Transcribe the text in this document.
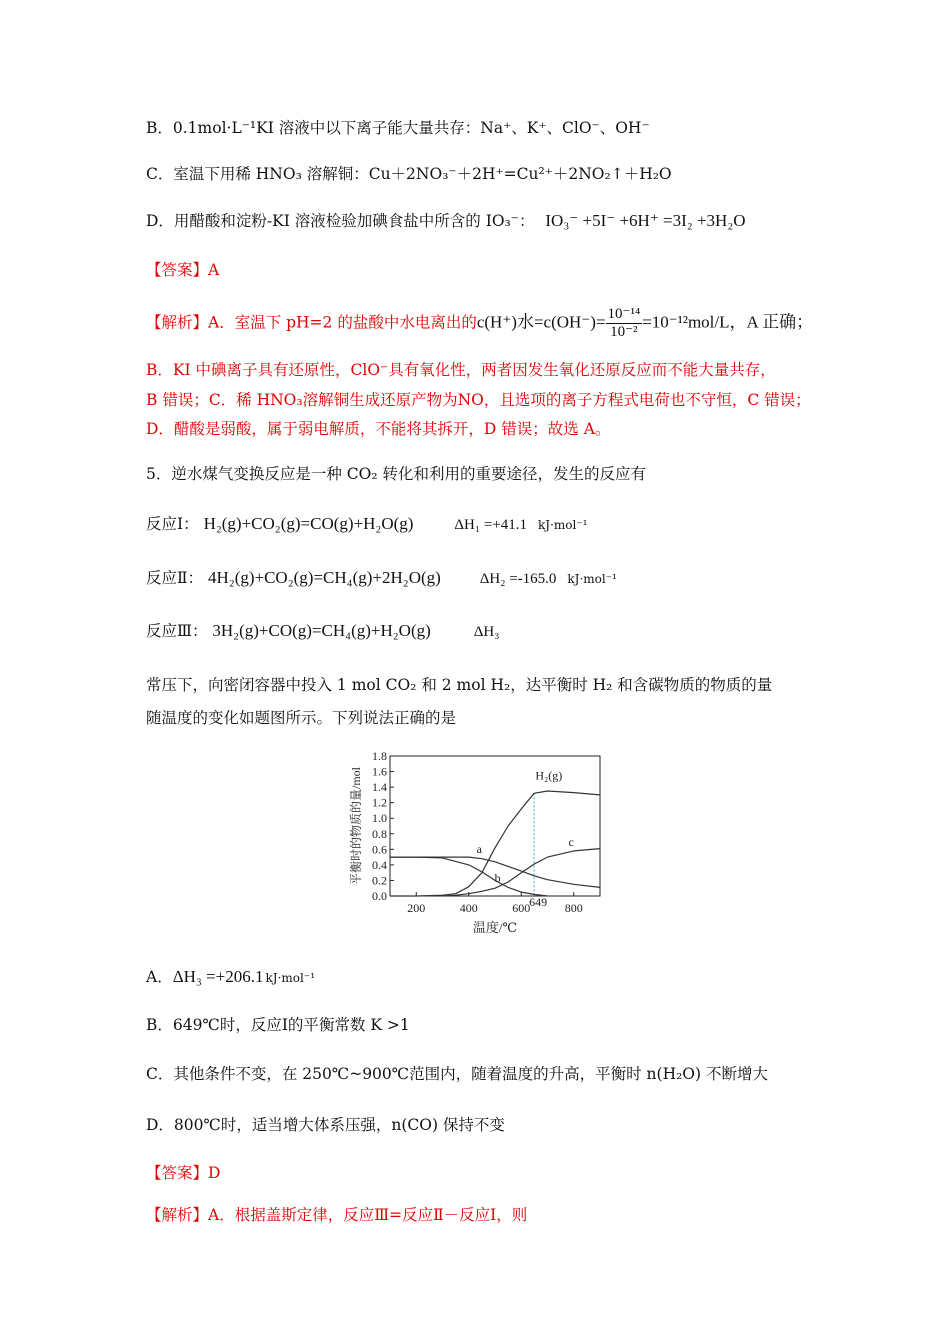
B．0.1mol·L⁻¹KI 溶液中以下离子能大量共存：Na⁺、K⁺、ClO⁻、OH⁻
C．室温下用稀 HNO₃ 溶解铜：Cu＋2NO₃⁻＋2H⁺=Cu²⁺＋2NO₂↑＋H₂O
D．用醋酸和淀粉-KI 溶液检验加碘食盐中所含的 IO₃⁻： IO₃⁻ +5I⁻ +6H⁺ =3I₂ +3H₂O
【答案】A
【解析】A．室温下 pH=2 的盐酸中水电离出的c(H⁺)水$=c(OH^-)= \frac{\text{10⁻¹⁴}}{\text{10⁻²}} =10^{-12}mol/L$，A 正确；
B．KI 中碘离子具有还原性，ClO⁻具有氧化性，两者因发生氧化还原反应而不能大量共存，
B 错误；C．稀 HNO₃溶解铜生成还原产物为NO，且选项的离子方程式电荷也不守恒，C 错误；
D．醋酸是弱酸，属于弱电解质，不能将其拆开，D 错误；故选 A。
5．逆水煤气变换反应是一种 CO₂ 转化和利用的重要途径，发生的反应有
反应Ⅰ： H₂(g)+CO₂(g)=CO(g)+H₂O(g)	ΔH₁ =+41.1 kJ·mol⁻¹
反应Ⅱ： 4H₂(g)+CO₂(g)=CH₄(g)+2H₂O(g)	ΔH₂ =-165.0 kJ·mol⁻¹
反应Ⅲ： 3H₂(g)+CO(g)=CH₄(g)+H₂O(g)	ΔH₃
常压下，向密闭容器中投入 1 mol CO₂ 和 2 mol H₂，达平衡时 H₂ 和含碳物质的物质的量
随温度的变化如题图所示。下列说法正确的是
0.0
0.2
0.4
0.6
0.8
1.0
1.2
1.4
1.6
1.8
200	400	600	800
649
温度/℃
平衡时的物质的量/mol	H₂(g)
a
b
c
A．ΔH₃ =+206.1 kJ·mol⁻¹
B．649℃时，反应Ⅰ的平衡常数 K >1
C．其他条件不变，在 250℃~900℃范围内，随着温度的升高，平衡时 n(H₂O) 不断增大
D．800℃时，适当增大体系压强，n(CO) 保持不变
【答案】D
【解析】A．根据盖斯定律，反应Ⅲ=反应Ⅱ－反应Ⅰ，则
